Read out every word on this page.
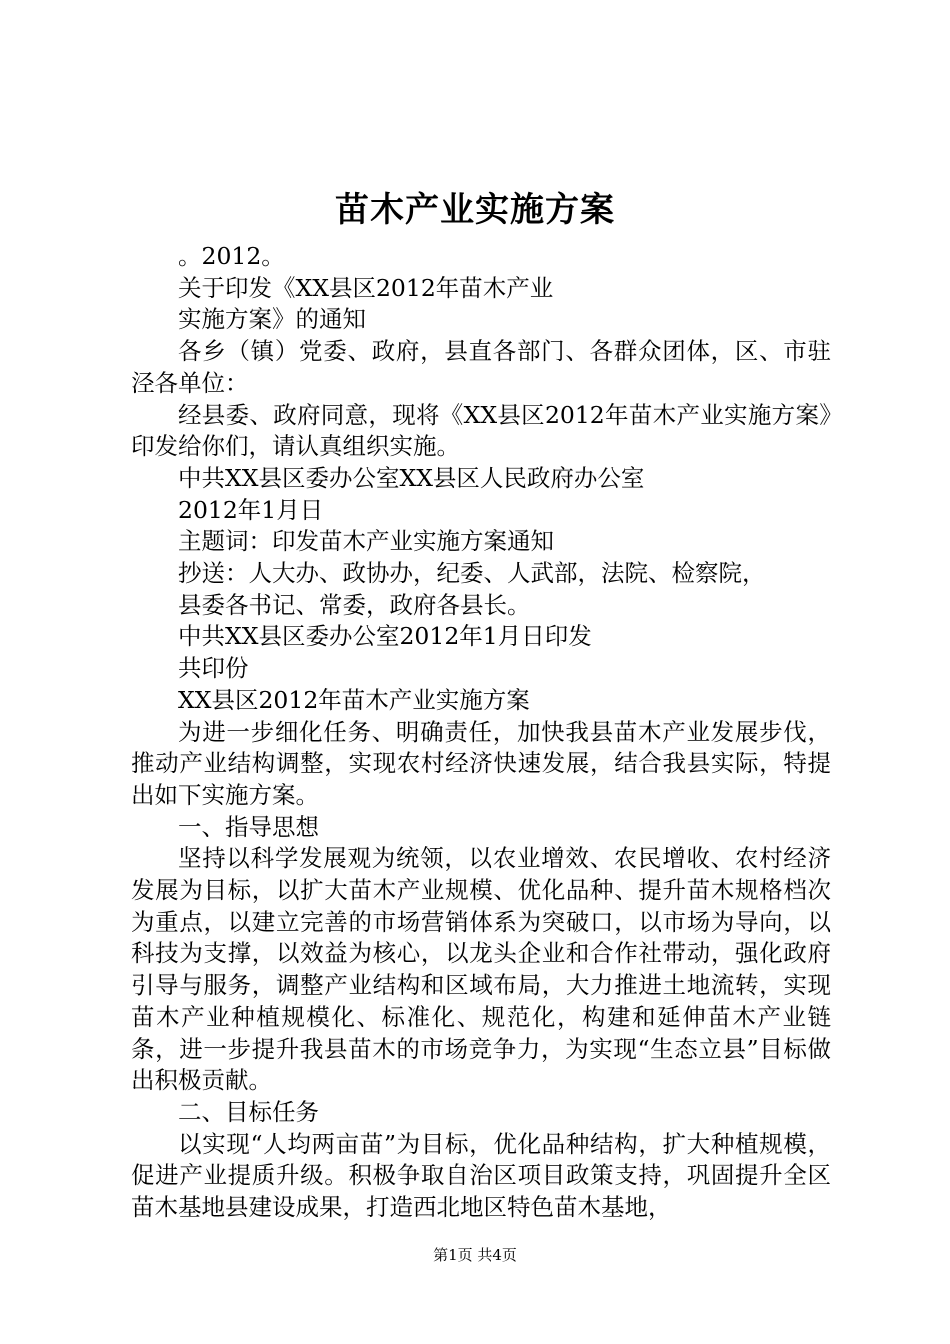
苗木产业实施方案

。2012。

关于印发《XX县区2012年苗木产业

实施方案》的通知

各乡（镇）党委、政府，县直各部门、各群众团体，区、市驻泾各单位：

经县委、政府同意，现将《XX县区2012年苗木产业实施方案》印发给你们，请认真组织实施。

中共XX县区委办公室XX县区人民政府办公室

2012年1月日

主题词：印发苗木产业实施方案通知

抄送：人大办、政协办，纪委、人武部，法院、检察院，

县委各书记、常委，政府各县长。

中共XX县区委办公室2012年1月日印发

共印份

XX县区2012年苗木产业实施方案

为进一步细化任务、明确责任，加快我县苗木产业发展步伐，推动产业结构调整，实现农村经济快速发展，结合我县实际，特提出如下实施方案。

一、指导思想

坚持以科学发展观为统领，以农业增效、农民增收、农村经济发展为目标，以扩大苗木产业规模、优化品种、提升苗木规格档次为重点，以建立完善的市场营销体系为突破口，以市场为导向，以科技为支撑，以效益为核心，以龙头企业和合作社带动，强化政府引导与服务，调整产业结构和区域布局，大力推进土地流转，实现苗木产业种植规模化、标准化、规范化，构建和延伸苗木产业链条，进一步提升我县苗木的市场竞争力，为实现“生态立县”目标做出积极贡献。

二、目标任务

以实现“人均两亩苗”为目标，优化品种结构，扩大种植规模，促进产业提质升级。积极争取自治区项目政策支持，巩固提升全区苗木基地县建设成果，打造西北地区特色苗木基地，

第1页 共4页
